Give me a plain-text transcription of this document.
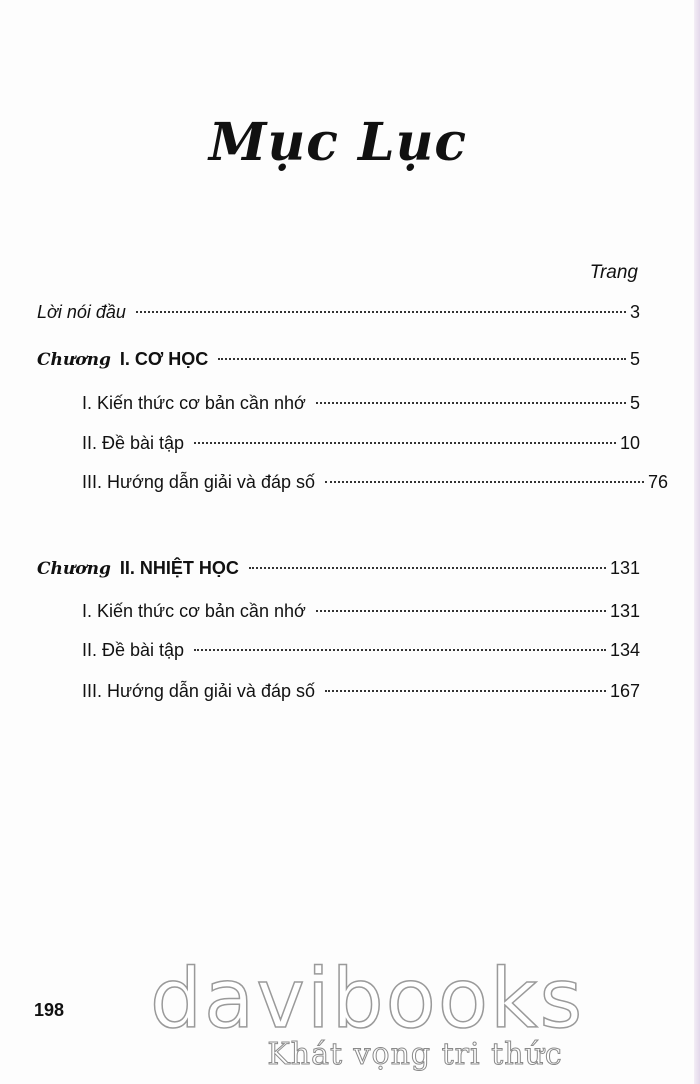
Mục Lục
Trang
Lời nói đầu	3
Chương I. CƠ HỌC	5
I. Kiến thức cơ bản cần nhớ	5
II. Đề bài tập	10
III. Hướng dẫn giải và đáp số	76
Chương II. NHIỆT HỌC	131
I. Kiến thức cơ bản cần nhớ	131
II. Đề bài tập	134
III. Hướng dẫn giải và đáp số	167
198 davibooks
Khát vọng tri thức
